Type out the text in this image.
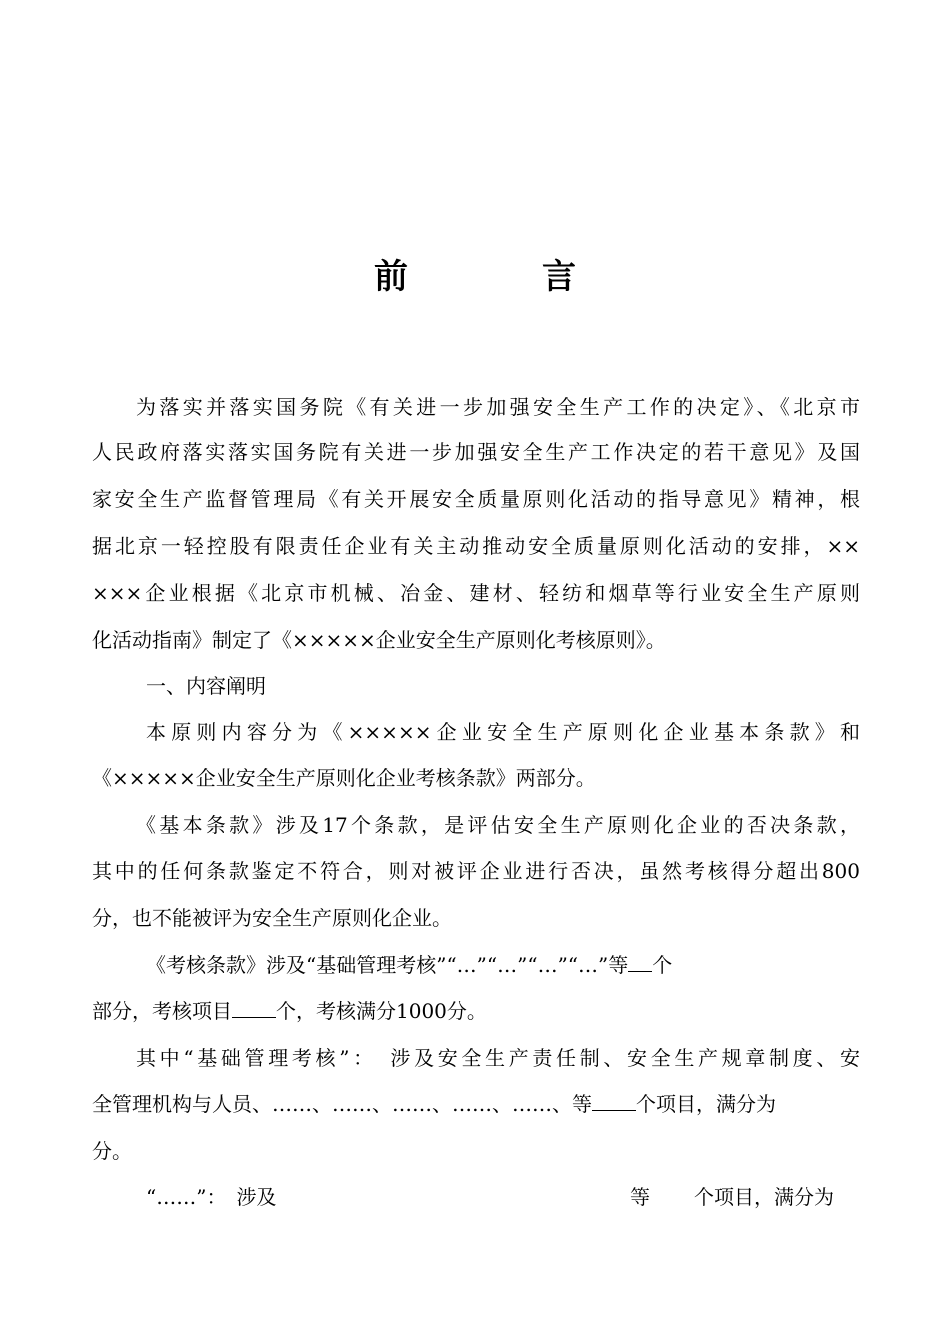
前　言
为落实并落实国务院《有关进一步加强安全生产工作的决定》、《北京市
人民政府落实落实国务院有关进一步加强安全生产工作决定的若干意见》及国
家安全生产监督管理局《有关开展安全质量原则化活动的指导意见》精神，根
据北京一轻控股有限责任企业有关主动推动安全质量原则化活动的安排，××
×××企业根据《北京市机械、冶金、建材、轻纺和烟草等行业安全生产原则
化活动指南》制定了《×××××企业安全生产原则化考核原则》。
一、内容阐明
本原则内容分为《×××××企业安全生产原则化企业基本条款》和
《×××××企业安全生产原则化企业考核条款》两部分。
《基本条款》涉及17个条款，是评估安全生产原则化企业的否决条款，
其中的任何条款鉴定不符合，则对被评企业进行否决，虽然考核得分超出800
分，也不能被评为安全生产原则化企业。
《考核条款》涉及“基础管理考核”“…”“…”“…”“…”等 个
部分，考核项目 个，考核满分1000分。
其中“基础管理考核”：　涉及安全生产责任制、安全生产规章制度、安
全管理机构与人员、……、……、……、……、……、等 个项目，满分为
分。
“……”：　涉及	等	个项目，满分为
